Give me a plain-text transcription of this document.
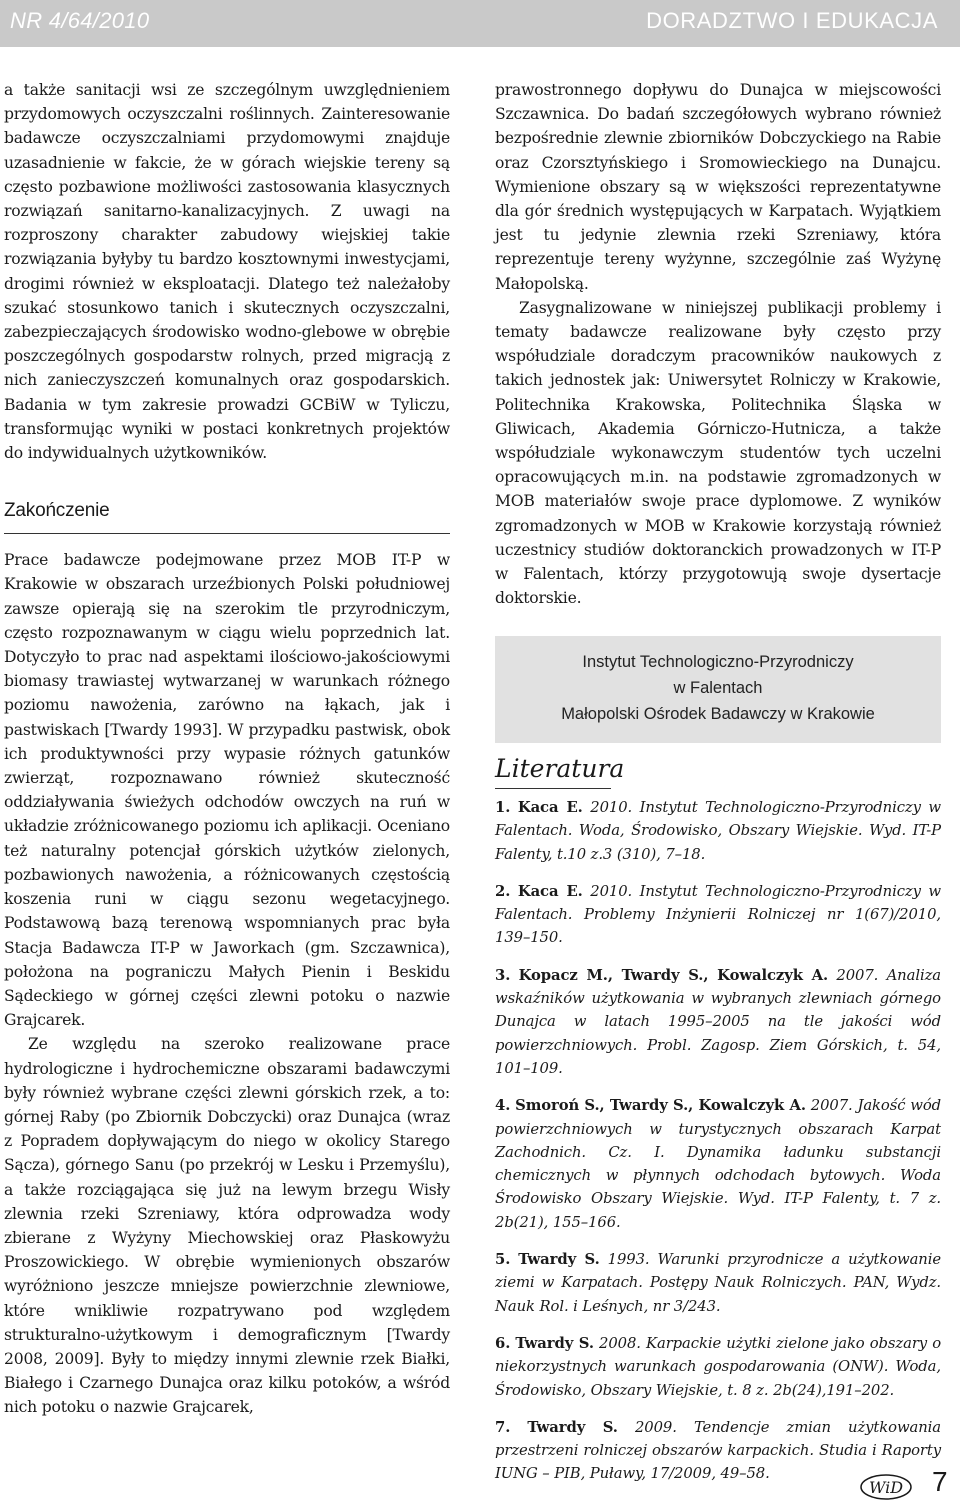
NR 4/64/2010	DORADZTWO I EDUKACJA

a także sanitacji wsi ze szczególnym uwzględnieniem przydomowych oczyszczalni roślinnych. Zainteresowanie badawcze oczyszczalniami przydomowymi znajduje uzasadnienie w fakcie, że w górach wiejskie tereny są często pozbawione możliwości zastosowania klasycznych rozwiązań sanitarno-kanalizacyjnych. Z uwagi na rozproszony charakter zabudowy wiejskiej takie rozwiązania byłyby tu bardzo kosztownymi inwestycjami, drogimi również w eksploatacji. Dlatego też należałoby szukać stosunkowo tanich i skutecznych oczyszczalni, zabezpieczających środowisko wodno-glebowe w obrębie poszczególnych gospodarstw rolnych, przed migracją z nich zanieczyszczeń komunalnych oraz gospodarskich. Badania w tym zakresie prowadzi GCBiW w Tyliczu, transformując wyniki w postaci konkretnych projektów do indywidualnych użytkowników.

Zakończenie

Prace badawcze podejmowane przez MOB IT-P w Krakowie w obszarach urzeźbionych Polski południowej zawsze opierają się na szerokim tle przyrodniczym, często rozpoznawanym w ciągu wielu poprzednich lat. Dotyczyło to prac nad aspektami ilościowo-jakościowymi biomasy trawiastej wytwarzanej w warunkach różnego poziomu nawożenia, zarówno na łąkach, jak i pastwiskach [Twardy 1993]. W przypadku pastwisk, obok ich produktywności przy wypasie różnych gatunków zwierząt, rozpoznawano również skuteczność oddziaływania świeżych odchodów owczych na ruń w układzie zróżnicowanego poziomu ich aplikacji. Oceniano też naturalny potencjał górskich użytków zielonych, pozbawionych nawożenia, a różnicowanych częstością koszenia runi w ciągu sezonu wegetacyjnego. Podstawową bazą terenową wspomnianych prac była Stacja Badawcza IT-P w Jaworkach (gm. Szczawnica), położona na pograniczu Małych Pienin i Beskidu Sądeckiego w górnej części zlewni potoku o nazwie Grajcarek.

Ze względu na szeroko realizowane prace hydrologiczne i hydrochemiczne obszarami badawczymi były również wybrane części zlewni górskich rzek, a to: górnej Raby (po Zbiornik Dobczycki) oraz Dunajca (wraz z Popradem dopływającym do niego w okolicy Starego Sącza), górnego Sanu (po przekrój w Lesku i Przemyślu), a także rozciągająca się już na lewym brzegu Wisły zlewnia rzeki Szreniawy, która odprowadza wody zbierane z Wyżyny Miechowskiej oraz Płaskowyżu Proszowickiego. W obrębie wymienionych obszarów wyróżniono jeszcze mniejsze powierzchnie zlewniowe, które wnikliwie rozpatrywano pod względem strukturalno-użytkowym i demograficznym [Twardy 2008, 2009]. Były to między innymi zlewnie rzek Białki, Białego i Czarnego Dunajca oraz kilku potoków, a wśród nich potoku o nazwie Grajcarek,

prawostronnego dopływu do Dunajca w miejscowości Szczawnica. Do badań szczegółowych wybrano również bezpośrednie zlewnie zbiorników Dobczyckiego na Rabie oraz Czorsztyńskiego i Sromowieckiego na Dunajcu. Wymienione obszary są w większości reprezentatywne dla gór średnich występujących w Karpatach. Wyjątkiem jest tu jedynie zlewnia rzeki Szreniawy, która reprezentuje tereny wyżynne, szczególnie zaś Wyżynę Małopolską.

Zasygnalizowane w niniejszej publikacji problemy i tematy badawcze realizowane były często przy współudziale doradczym pracowników naukowych z takich jednostek jak: Uniwersytet Rolniczy w Krakowie, Politechnika Krakowska, Politechnika Śląska w Gliwicach, Akademia Górniczo-Hutnicza, a także współudziale wykonawczym studentów tych uczelni opracowujących m.in. na podstawie zgromadzonych w MOB materiałów swoje prace dyplomowe. Z wyników zgromadzonych w MOB w Krakowie korzystają również uczestnicy studiów doktoranckich prowadzonych w IT-P w Falentach, którzy przygotowują swoje dysertacje doktorskie.

Instytut Technologiczno-Przyrodniczy
w Falentach
Małopolski Ośrodek Badawczy w Krakowie
Literatura

1. Kaca E. 2010. Instytut Technologiczno-Przyrodniczy w Falentach. Woda, Środowisko, Obszary Wiejskie. Wyd. IT-P Falenty, t.10 z.3 (310), 7–18.

2. Kaca E. 2010. Instytut Technologiczno-Przyrodniczy w Falentach. Problemy Inżynierii Rolniczej nr 1(67)/2010, 139–150.

3. Kopacz M., Twardy S., Kowalczyk A. 2007. Analiza wskaźników użytkowania w wybranych zlewniach górnego Dunajca w latach 1995–2005 na tle jakości wód powierzchniowych. Probl. Zagosp. Ziem Górskich, t. 54, 101–109.

4. Smoroń S., Twardy S., Kowalczyk A. 2007. Jakość wód powierzchniowych w turystycznych obszarach Karpat Zachodnich. Cz. I. Dynamika ładunku substancji chemicznych w płynnych odchodach bytowych. Woda Środowisko Obszary Wiejskie. Wyd. IT-P Falenty, t. 7 z. 2b(21), 155–166.

5. Twardy S. 1993. Warunki przyrodnicze a użytkowanie ziemi w Karpatach. Postępy Nauk Rolniczych. PAN, Wydz. Nauk Rol. i Leśnych, nr 3/243.

6. Twardy S. 2008. Karpackie użytki zielone jako obszary o niekorzystnych warunkach gospodarowania (ONW). Woda, Środowisko, Obszary Wiejskie, t. 8 z. 2b(24),191–202.

7. Twardy S. 2009. Tendencje zmian użytkowania przestrzeni rolniczej obszarów karpackich. Studia i Raporty IUNG – PIB, Puławy, 17/2009, 49–58.

WiD 7
